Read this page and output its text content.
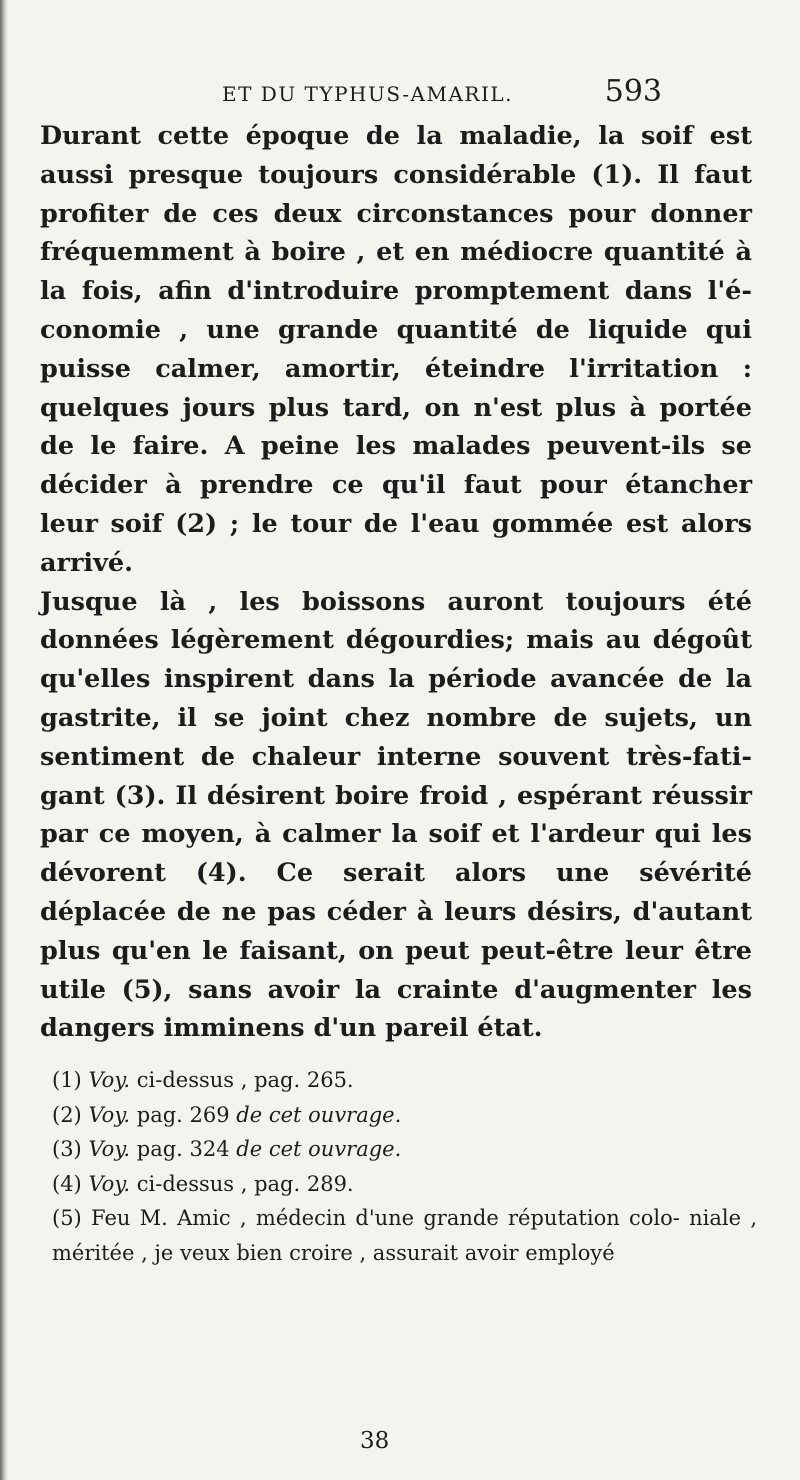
ET DU TYPHUS-AMARIL.	593

Durant cette époque de la maladie, la soif est aussi presque toujours considérable (1). Il faut profiter de ces deux circonstances pour donner fréquemment à boire , et en médiocre quantité à la fois, afin d'introduire promptement dans l'é- conomie , une grande quantité de liquide qui puisse calmer, amortir, éteindre l'irritation : quelques jours plus tard, on n'est plus à portée de le faire. A peine les malades peuvent-ils se décider à prendre ce qu'il faut pour étancher leur soif (2) ; le tour de l'eau gommée est alors arrivé.

Jusque là , les boissons auront toujours été données légèrement dégourdies; mais au dégoût qu'elles inspirent dans la période avancée de la gastrite, il se joint chez nombre de sujets, un sentiment de chaleur interne souvent très-fati- gant (3). Il désirent boire froid , espérant réussir par ce moyen, à calmer la soif et l'ardeur qui les dévorent (4). Ce serait alors une sévérité déplacée de ne pas céder à leurs désirs, d'autant plus qu'en le faisant, on peut peut-être leur être utile (5), sans avoir la crainte d'augmenter les dangers imminens d'un pareil état.

(1) Voy. ci-dessus , pag. 265.
(2) Voy. pag. 269 de cet ouvrage.
(3) Voy. pag. 324 de cet ouvrage.
(4) Voy. ci-dessus , pag. 289.
(5) Feu M. Amic , médecin d'une grande réputation colo- niale , méritée , je veux bien croire , assurait avoir employé
38
